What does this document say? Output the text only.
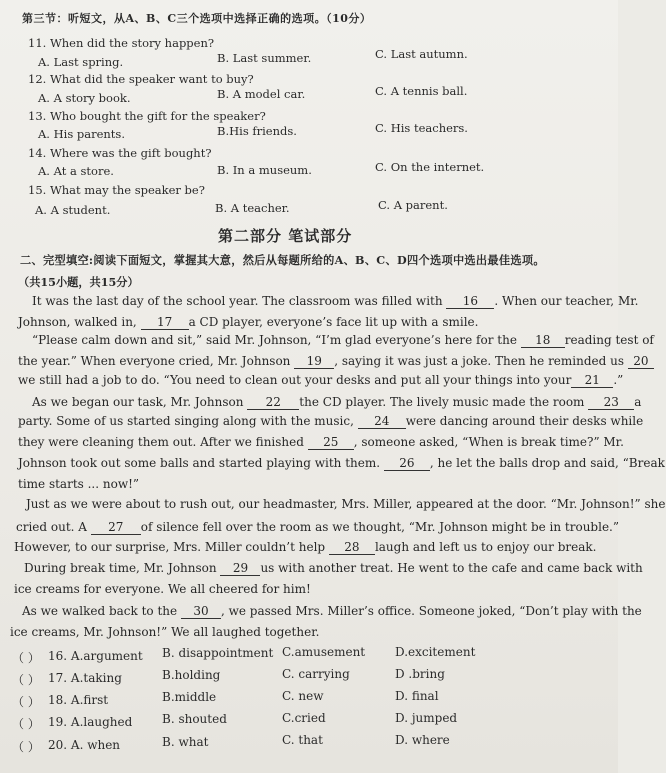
第三节：听短文，从A、B、C三个选项中选择正确的选项。（10分）
11. When did the story happen?
A. Last spring.	B. Last summer.	C. Last autumn.
12. What did the speaker want to buy?
A. A story book.	B. A model car.	C. A tennis ball.
13. Who bought the gift for the speaker?
A. His parents.	B.His friends.	C. His teachers.
14. Where was the gift bought?
A. At a store.	B. In a museum.	C. On the internet.
15. What may the speaker be?
A. A student.	B. A teacher.	C. A parent.
第二部分 笔试部分
二、完型填空:阅读下面短文，掌握其大意，然后从每题所给的A、B、C、D四个选项中选出最佳选项。
（共15小题，共15分）
It was the last day of the school year. The classroom was filled with 16 . When our teacher, Mr.
Johnson, walked in, 17 a CD player, everyone’s face lit up with a smile.
“Please calm down and sit,” said Mr. Johnson, “I’m glad everyone’s here for the 18 reading test of
the year.” When everyone cried, Mr. Johnson 19 , saying it was just a joke. Then he reminded us 20
we still had a job to do. “You need to clean out your desks and put all your things into your 21 .”
As we began our task, Mr. Johnson 22 the CD player. The lively music made the room 23 a
party. Some of us started singing along with the music, 24 were dancing around their desks while
they were cleaning them out. After we finished 25 , someone asked, “When is break time?” Mr.
Johnson took out some balls and started playing with them. 26 , he let the balls drop and said, “Break
time starts ... now!”
Just as we were about to rush out, our headmaster, Mrs. Miller, appeared at the door. “Mr. Johnson!” she
cried out. A 27 of silence fell over the room as we thought, “Mr. Johnson might be in trouble.”
However, to our surprise, Mrs. Miller couldn’t help 28 laugh and left us to enjoy our break.
During break time, Mr. Johnson 29 us with another treat. He went to the cafe and came back with
ice creams for everyone. We all cheered for him!
As we walked back to the 30 , we passed Mrs. Miller’s office. Someone joked, “Don’t play with the
ice creams, Mr. Johnson!” We all laughed together.
（ ） 16. A.argument B. disappointment C.amusement D.excitement
（ ） 17. A.taking	B.holding	C. carrying	D .bring
（ ） 18. A.first	B.middle	C. new	D. final
（ ） 19. A.laughed B. shouted	C.cried	D. jumped
（ ） 20. A. when	B. what	C. that	D. where
